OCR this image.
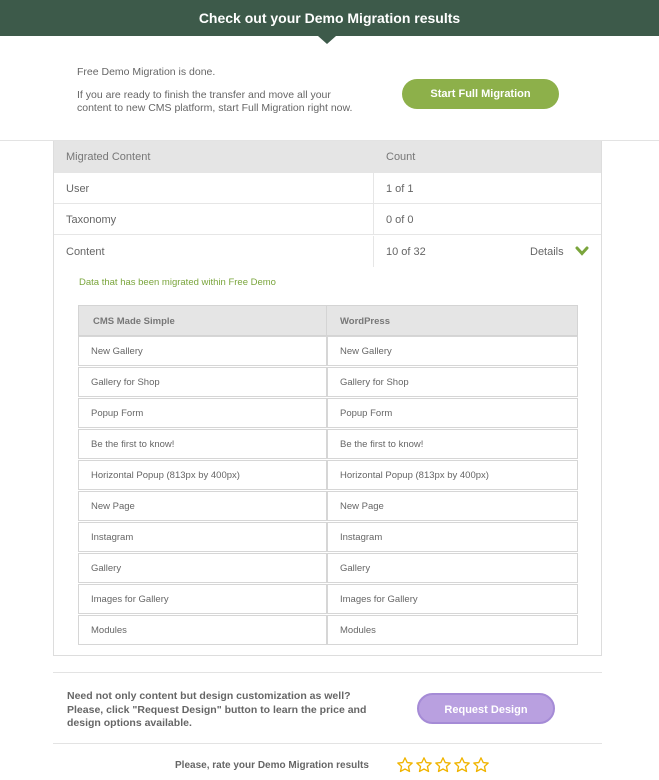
Check out your Demo Migration results

Free Demo Migration is done.

If you are ready to finish the transfer and move all your content to new CMS platform, start Full Migration right now.

Start Full Migration
Migrated Content	Count
User	1 of 1
Taxonomy	0 of 0
Content	10 of 32	Details
Data that has been migrated within Free Demo
CMS Made Simple	WordPress
New Gallery	New Gallery
Gallery for Shop	Gallery for Shop
Popup Form	Popup Form
Be the first to know!	Be the first to know!
Horizontal Popup (813px by 400px)	Horizontal Popup (813px by 400px)
New Page	New Page
Instagram	Instagram
Gallery	Gallery
Images for Gallery	Images for Gallery
Modules	Modules
Need not only content but design customization as well? Please, click "Request Design" button to learn the price and design options available.
Request Design
Please, rate your Demo Migration results
